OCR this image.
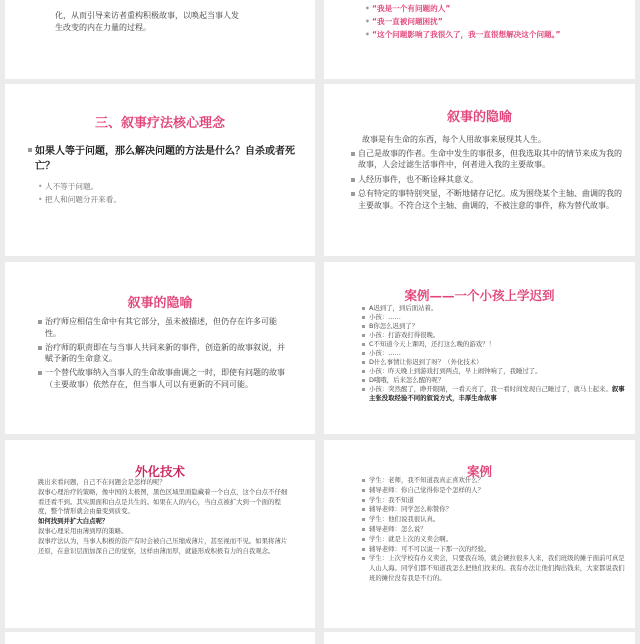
化，从而引导来访者重构积极故事，以唤起当事人发
生改变的内在力量的过程。
• “我是一个有问题的人”
• “我一直被问题困扰”
• “这个问题影响了我很久了，我一直很想解决这个问题。”
三、叙事疗法核心理念
如果人等于问题，那么解决问题的方法是什么？自杀或者死亡？
• 人不等于问题。
• 把人和问题分开来看。
叙事的隐喻
故事是有生命的东西，每个人用故事来展现其人生。
自己是故事的作者。生命中发生的事很多，但我选取其中的情节来成为我的故事，人会过滤生活事件中，何者进入我的主要故事。
人经历事件，也不断诠释其意义。
总有特定的事特别突显，不断地储存记忆。成为围绕某个主轴、曲调的我的主要故事。不符合这个主轴、曲调的，不被注意的事件，称为替代故事。
叙事的隐喻
治疗师应相信生命中有其它部分，虽未被描述，但仍存在许多可能性。
治疗师的职责即在与当事人共同来新的事件，创造新的故事叙说，并赋予新的生命意义。
一个替代故事纳入当事人的生命故事曲调之一时，即使有问题的故事（主要故事）依然存在，但当事人可以有更新的不同可能。
案例——一个小孩上学迟到
A迟到了，到后面站着。
小孩：……
B你怎么迟到了？
小孩：打游戏打得很晚。
C不知道今天上课吗，还打这么晚的游戏？！
小孩：……
D什么事情让你迟到了呀？（外化技术）
小孩：昨天晚上到游戏打到两点，早上闹钟响了，我睡过了。
D哦哦，后来怎么醒的呢？
小孩：突然醒了，睁开眼睛，一看天亮了，我一看时间发现自己睡过了，就马上起来。叙事主张没取经验不同的叙说方式，丰厚生命故事
外化技术
跳出来看问题，自己不在问题会是怎样的呢？
叙事心理治疗的策略，像中国的太极图，黑色区域里面隐藏着一个白点，这个白点不仔细看还看不到。其实黑面和白点是共生的。如果在人的内心，当白点被扩大到一个面的程度，整个情形就会由量变到质变。
如何找到并扩大白点呢？
叙事心理采用由薄到厚的策略。
叙事疗法认为，当事人积极的资产有时会被自己压缩成薄片，甚至视而不见。如果将薄片还原，在意识层面加深自己的觉察，这样由薄而厚，就能形成积极有力的自我观念。
案例
学生：老师，我不知道我真正喜欢什么？
辅导老师：你自己觉得你是个怎样的人？
学生：我不知道
辅导老师：同学怎么称赞你？
学生：他们说我很认真。
辅导老师：怎么说？
学生：就是上次的义卖会啊。
辅导老师：可不可以说一下那一次的经验。
学生：上次学校有办义卖会，只要我在场，就会硬拉很多人来，我们班级的摊子面前可真是人山人海。同学们都不知道我怎么把他们找来的。我有办法让他们掏出钱来，大家都说我们班的摊位没有我是不行的。
